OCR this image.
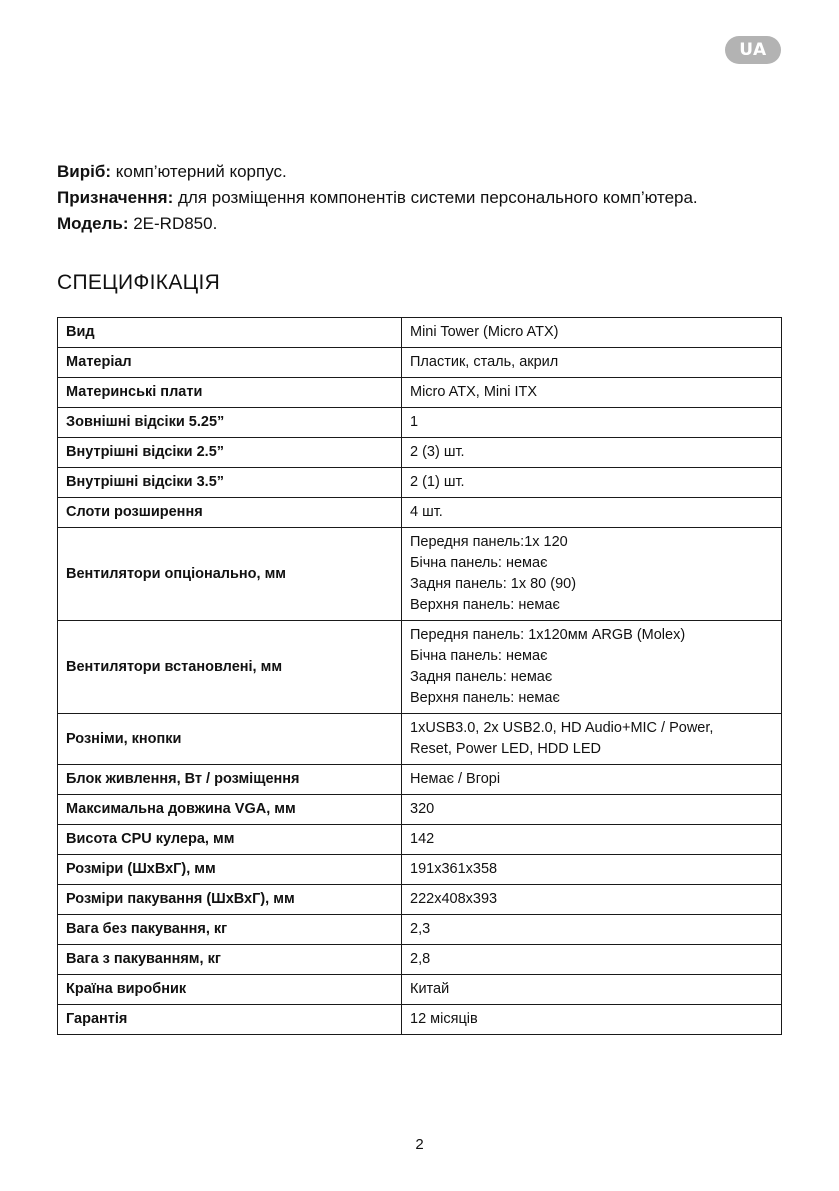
UA

Виріб: комп’ютерний корпус.

Призначення: для розміщення компонентів системи персонального комп’ютера.

Модель: 2E-RD850.

СПЕЦИФІКАЦІЯ
Вид	Mini Tower (Micro ATX)

Матеріал	Пластик, сталь, акрил

Материнські плати	Micro ATX, Mini ITX

Зовнішні відсіки 5.25”	1

Внутрішні відсіки 2.5”	2 (3) шт.

Внутрішні відсіки 3.5”	2 (1) шт.

Слоти розширення	4 шт.

Вентилятори опціонально, мм	Передня панель:1х 120
Бічна панель: немає
Задня панель: 1х 80 (90)
Верхня панель: немає

Вентилятори встановлені, мм	Передня панель: 1х120мм ARGB (Molex)
Бічна панель: немає
Задня панель: немає
Верхня панель: немає

Розніми, кнопки	1xUSB3.0, 2x USB2.0, HD Audio+MIC / Power,
Reset, Power LED, HDD LED

Блок живлення, Вт / розміщення	Немає / Вгорі

Максимальна довжина VGA, мм	320

Висота CPU кулера, мм	142

Розміри (ШхВхГ), мм	191x361x358

Розміри пакування (ШхВхГ), мм	222x408x393

Вага без пакування, кг	2,3

Вага з пакуванням, кг	2,8

Країна виробник	Китай

Гарантія	12 місяців
2
